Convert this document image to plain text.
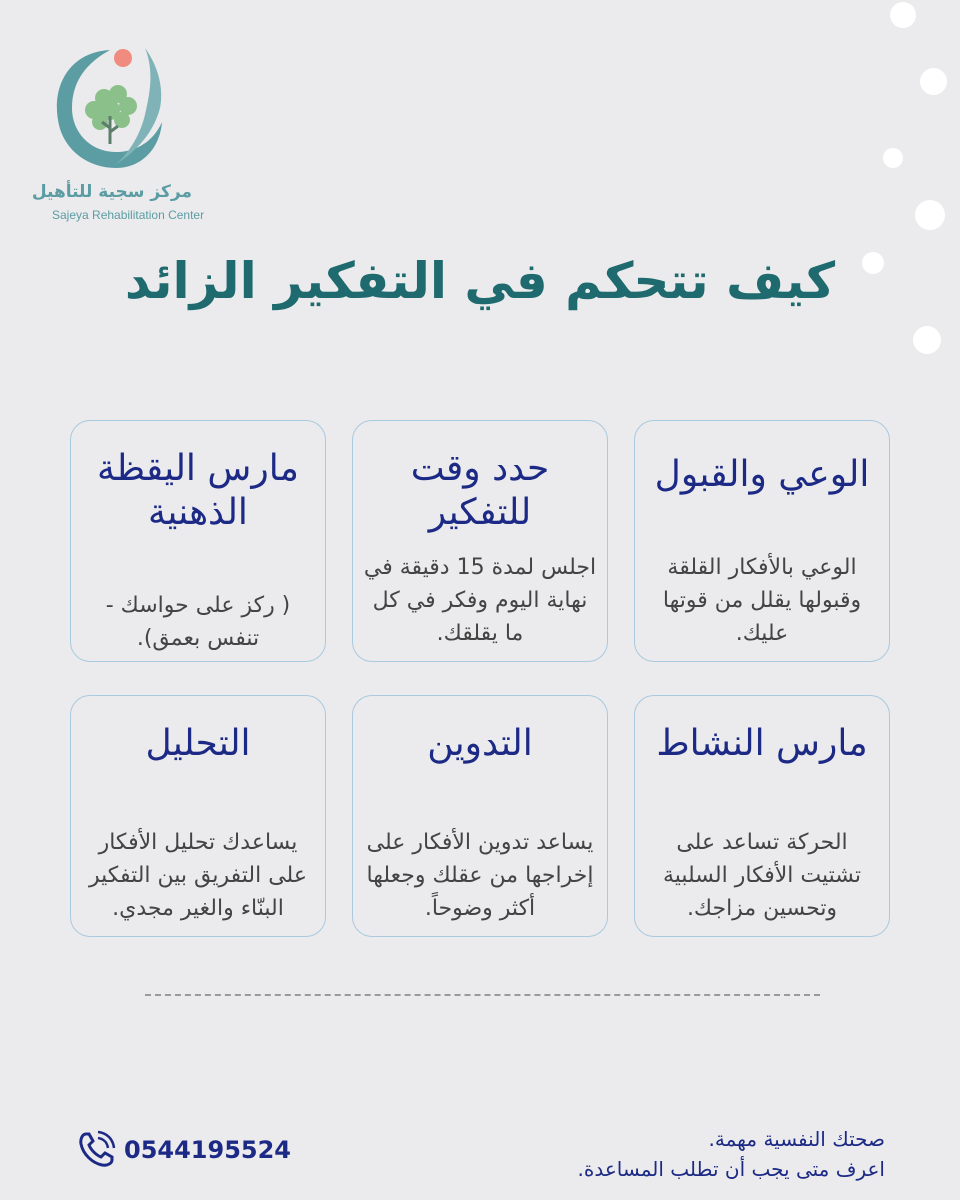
مركز سجية للتأهيل
Sajeya Rehabilitation Center
كيف تتحكم في التفكير الزائد
الوعي والقبول
الوعي بالأفكار القلقة وقبولها يقلل من قوتها عليك.
حدد وقت للتفكير
اجلس لمدة 15 دقيقة في نهاية اليوم وفكر في كل ما يقلقك.
مارس اليقظة الذهنية
( ركز على حواسك - تنفس بعمق).
مارس النشاط
الحركة تساعد على تشتيت الأفكار السلبية وتحسين مزاجك.
التدوين
يساعد تدوين الأفكار على إخراجها من عقلك وجعلها أكثر وضوحاً.
التحليل
يساعدك تحليل الأفكار على التفريق بين التفكير البنّاء والغير مجدي.
0544195524	صحتك النفسية مهمة.
اعرف متى يجب أن تطلب المساعدة.
